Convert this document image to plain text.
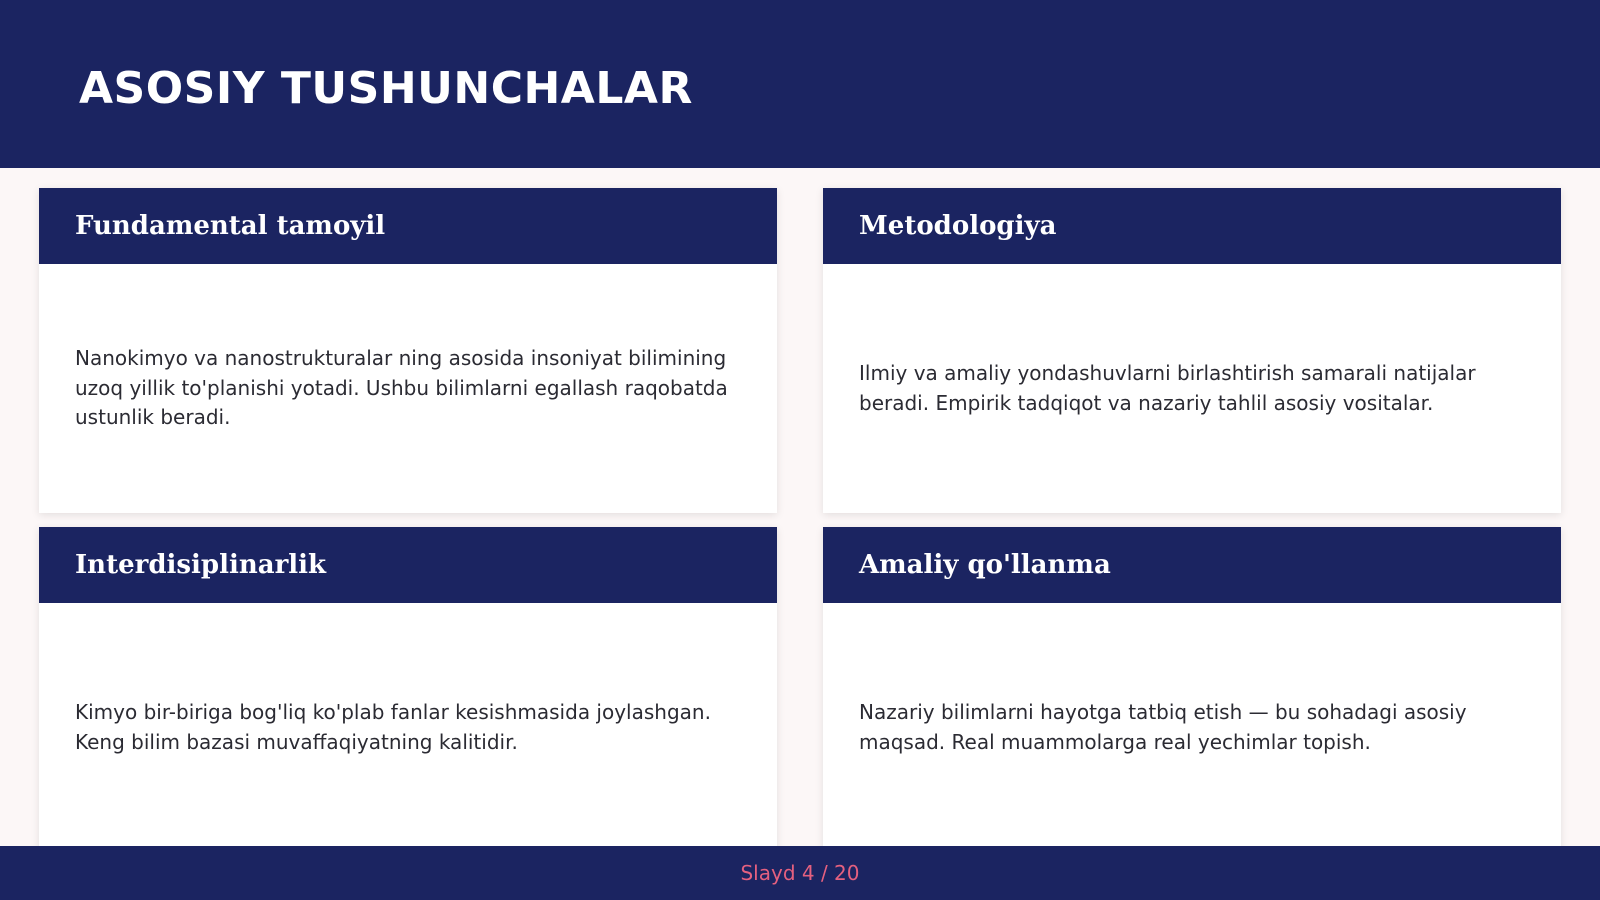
ASOSIY TUSHUNCHALAR
Fundamental tamoyil

Nanokimyo va nanostrukturalar ning asosida insoniyat bilimining uzoq yillik to'planishi yotadi. Ushbu bilimlarni egallash raqobatda ustunlik beradi.

Metodologiya

Ilmiy va amaliy yondashuvlarni birlashtirish samarali natijalar beradi. Empirik tadqiqot va nazariy tahlil asosiy vositalar.

Interdisiplinarlik

Kimyo bir-biriga bog'liq ko'plab fanlar kesishmasida joylashgan. Keng bilim bazasi muvaffaqiyatning kalitidir.

Amaliy qo'llanma

Nazariy bilimlarni hayotga tatbiq etish — bu sohadagi asosiy maqsad. Real muammolarga real yechimlar topish.

Slayd 4 / 20
